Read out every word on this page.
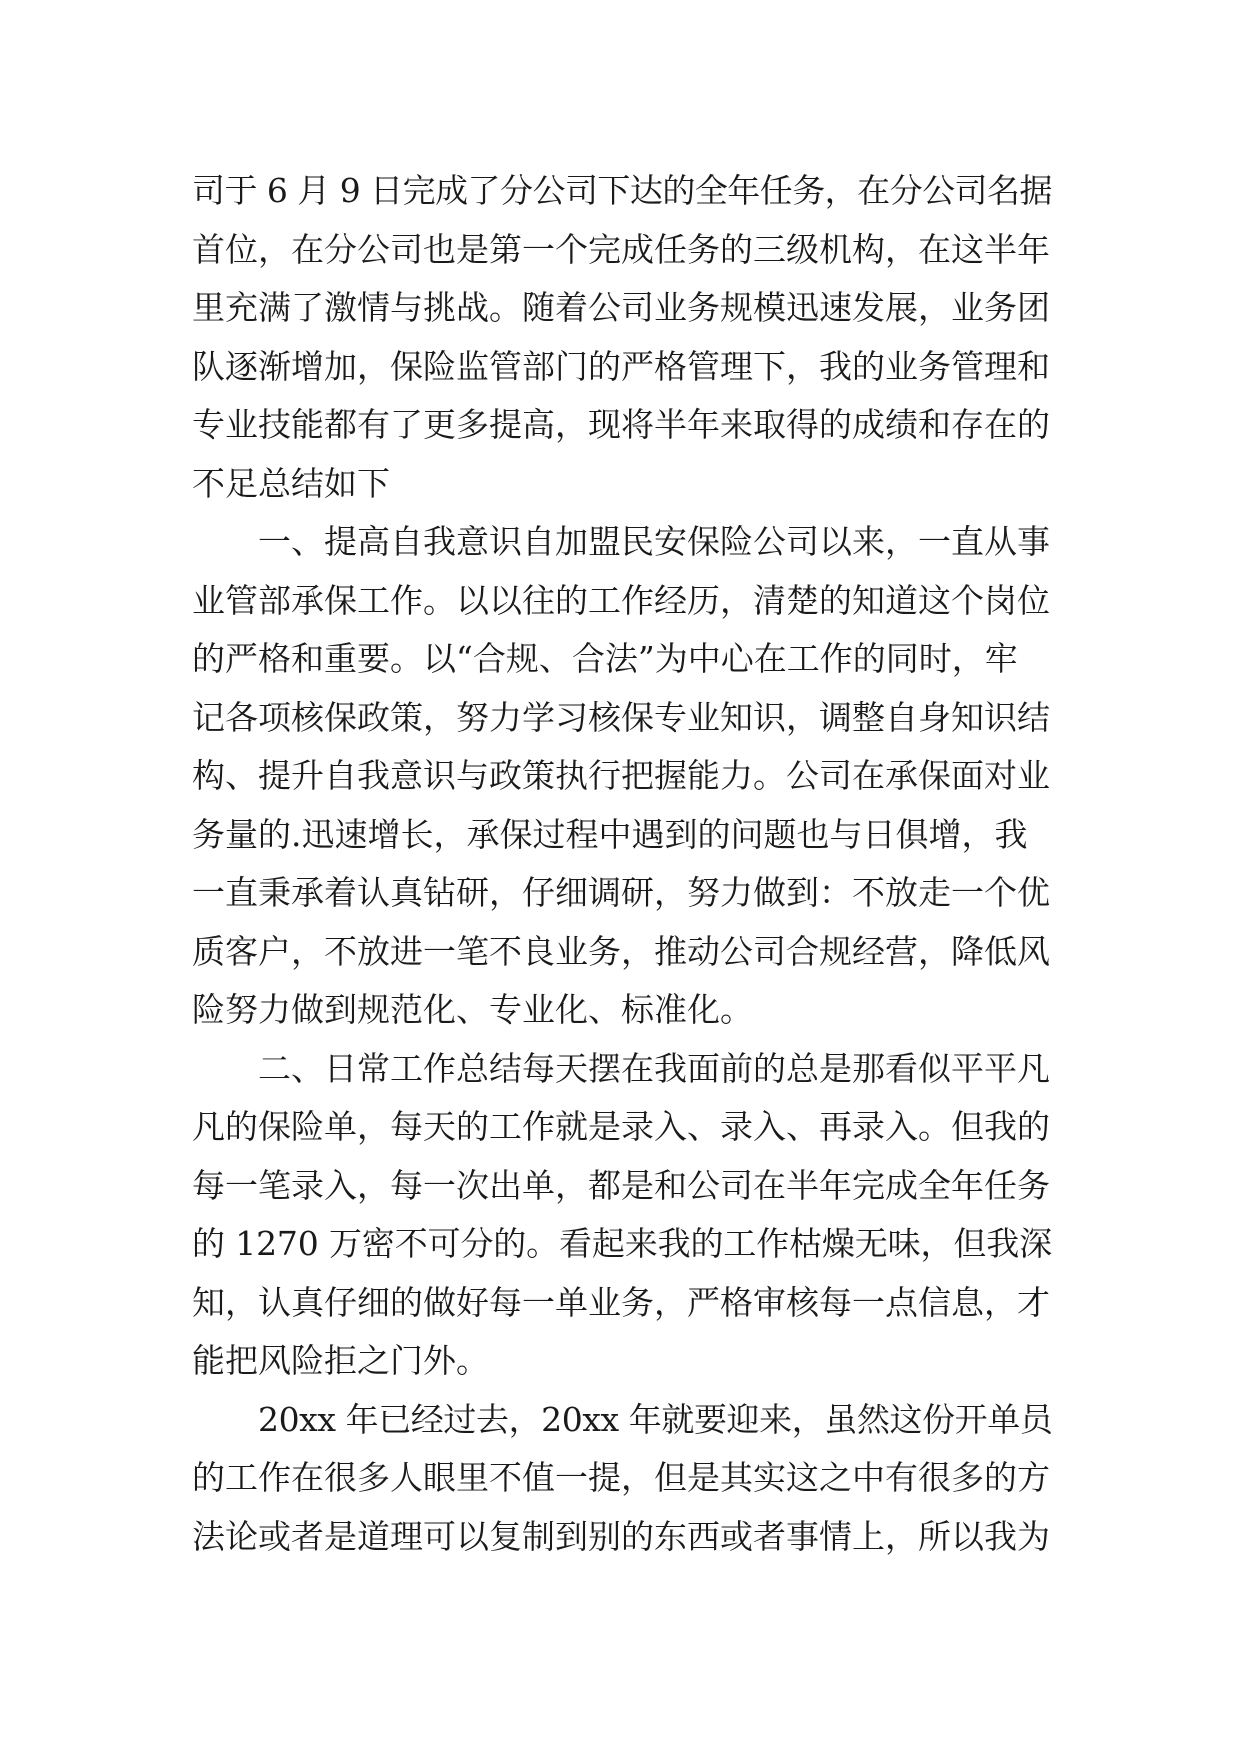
司于 6 月 9 日完成了分公司下达的全年任务，在分公司名据
首位，在分公司也是第一个完成任务的三级机构，在这半年
里充满了激情与挑战。随着公司业务规模迅速发展，业务团
队逐渐增加，保险监管部门的严格管理下，我的业务管理和
专业技能都有了更多提高，现将半年来取得的成绩和存在的
不足总结如下
一、提高自我意识自加盟民安保险公司以来，一直从事
业管部承保工作。以以往的工作经历，清楚的知道这个岗位
的严格和重要。以“合规、合法”为中心在工作的同时，牢
记各项核保政策，努力学习核保专业知识，调整自身知识结
构、提升自我意识与政策执行把握能力。公司在承保面对业
务量的.迅速增长，承保过程中遇到的问题也与日俱增，我
一直秉承着认真钻研，仔细调研，努力做到：不放走一个优
质客户，不放进一笔不良业务，推动公司合规经营，降低风
险努力做到规范化、专业化、标准化。
二、日常工作总结每天摆在我面前的总是那看似平平凡
凡的保险单，每天的工作就是录入、录入、再录入。但我的
每一笔录入，每一次出单，都是和公司在半年完成全年任务
的 1270 万密不可分的。看起来我的工作枯燥无味，但我深
知，认真仔细的做好每一单业务，严格审核每一点信息，才
能把风险拒之门外。
20xx 年已经过去，20xx 年就要迎来，虽然这份开单员
的工作在很多人眼里不值一提，但是其实这之中有很多的方
法论或者是道理可以复制到别的东西或者事情上，所以我为
